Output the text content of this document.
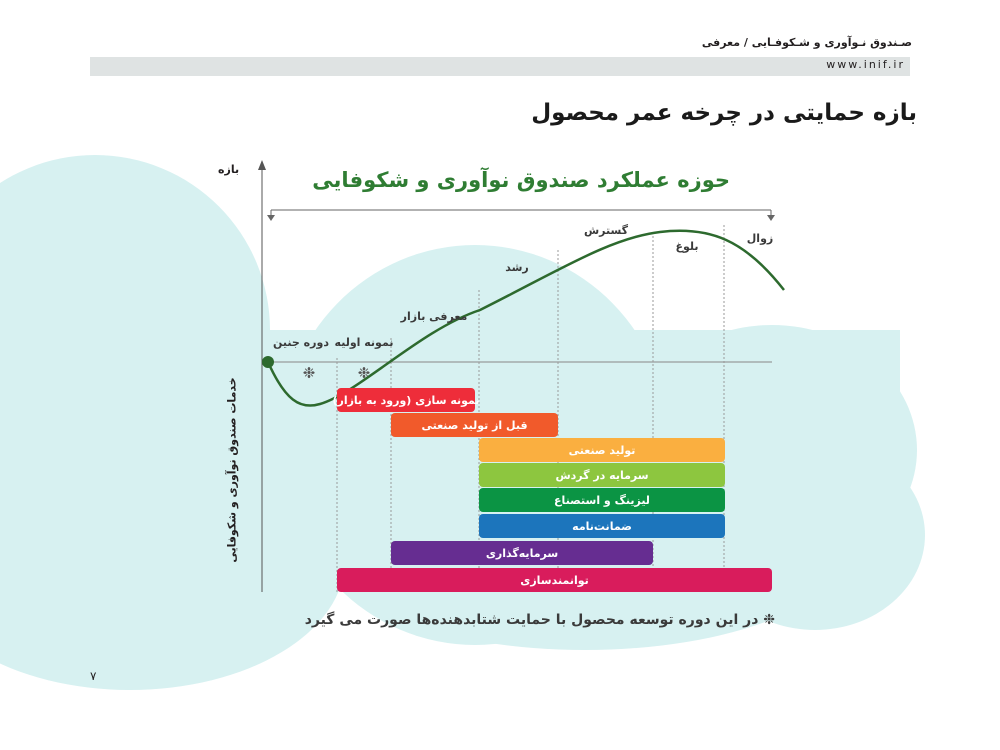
صـندوق نـوآوری و شـکوفـایی / معرفی
www.inif.ir
بازه حمایتی در چرخه عمر محصول
حوزه عملکرد صندوق نوآوری و شکوفایی
بازه
خدمات صندوق نوآوری و شکوفایی
دوره جنین نمونه اولیه
معرفی بازار
رشد
گسترش
بلوغ
زوال
❉	❉
نمونه سازی (ورود به بازار)
قبل از تولید صنعتی
تولید صنعتی
سرمایه در گردش
لیزینگ و استصناع
ضمانت‌نامه
سرمایه‌گذاری
توانمندسازی
❉ در این دوره توسعه محصول با حمایت شتابدهنده‌ها صورت می گیرد
۷
